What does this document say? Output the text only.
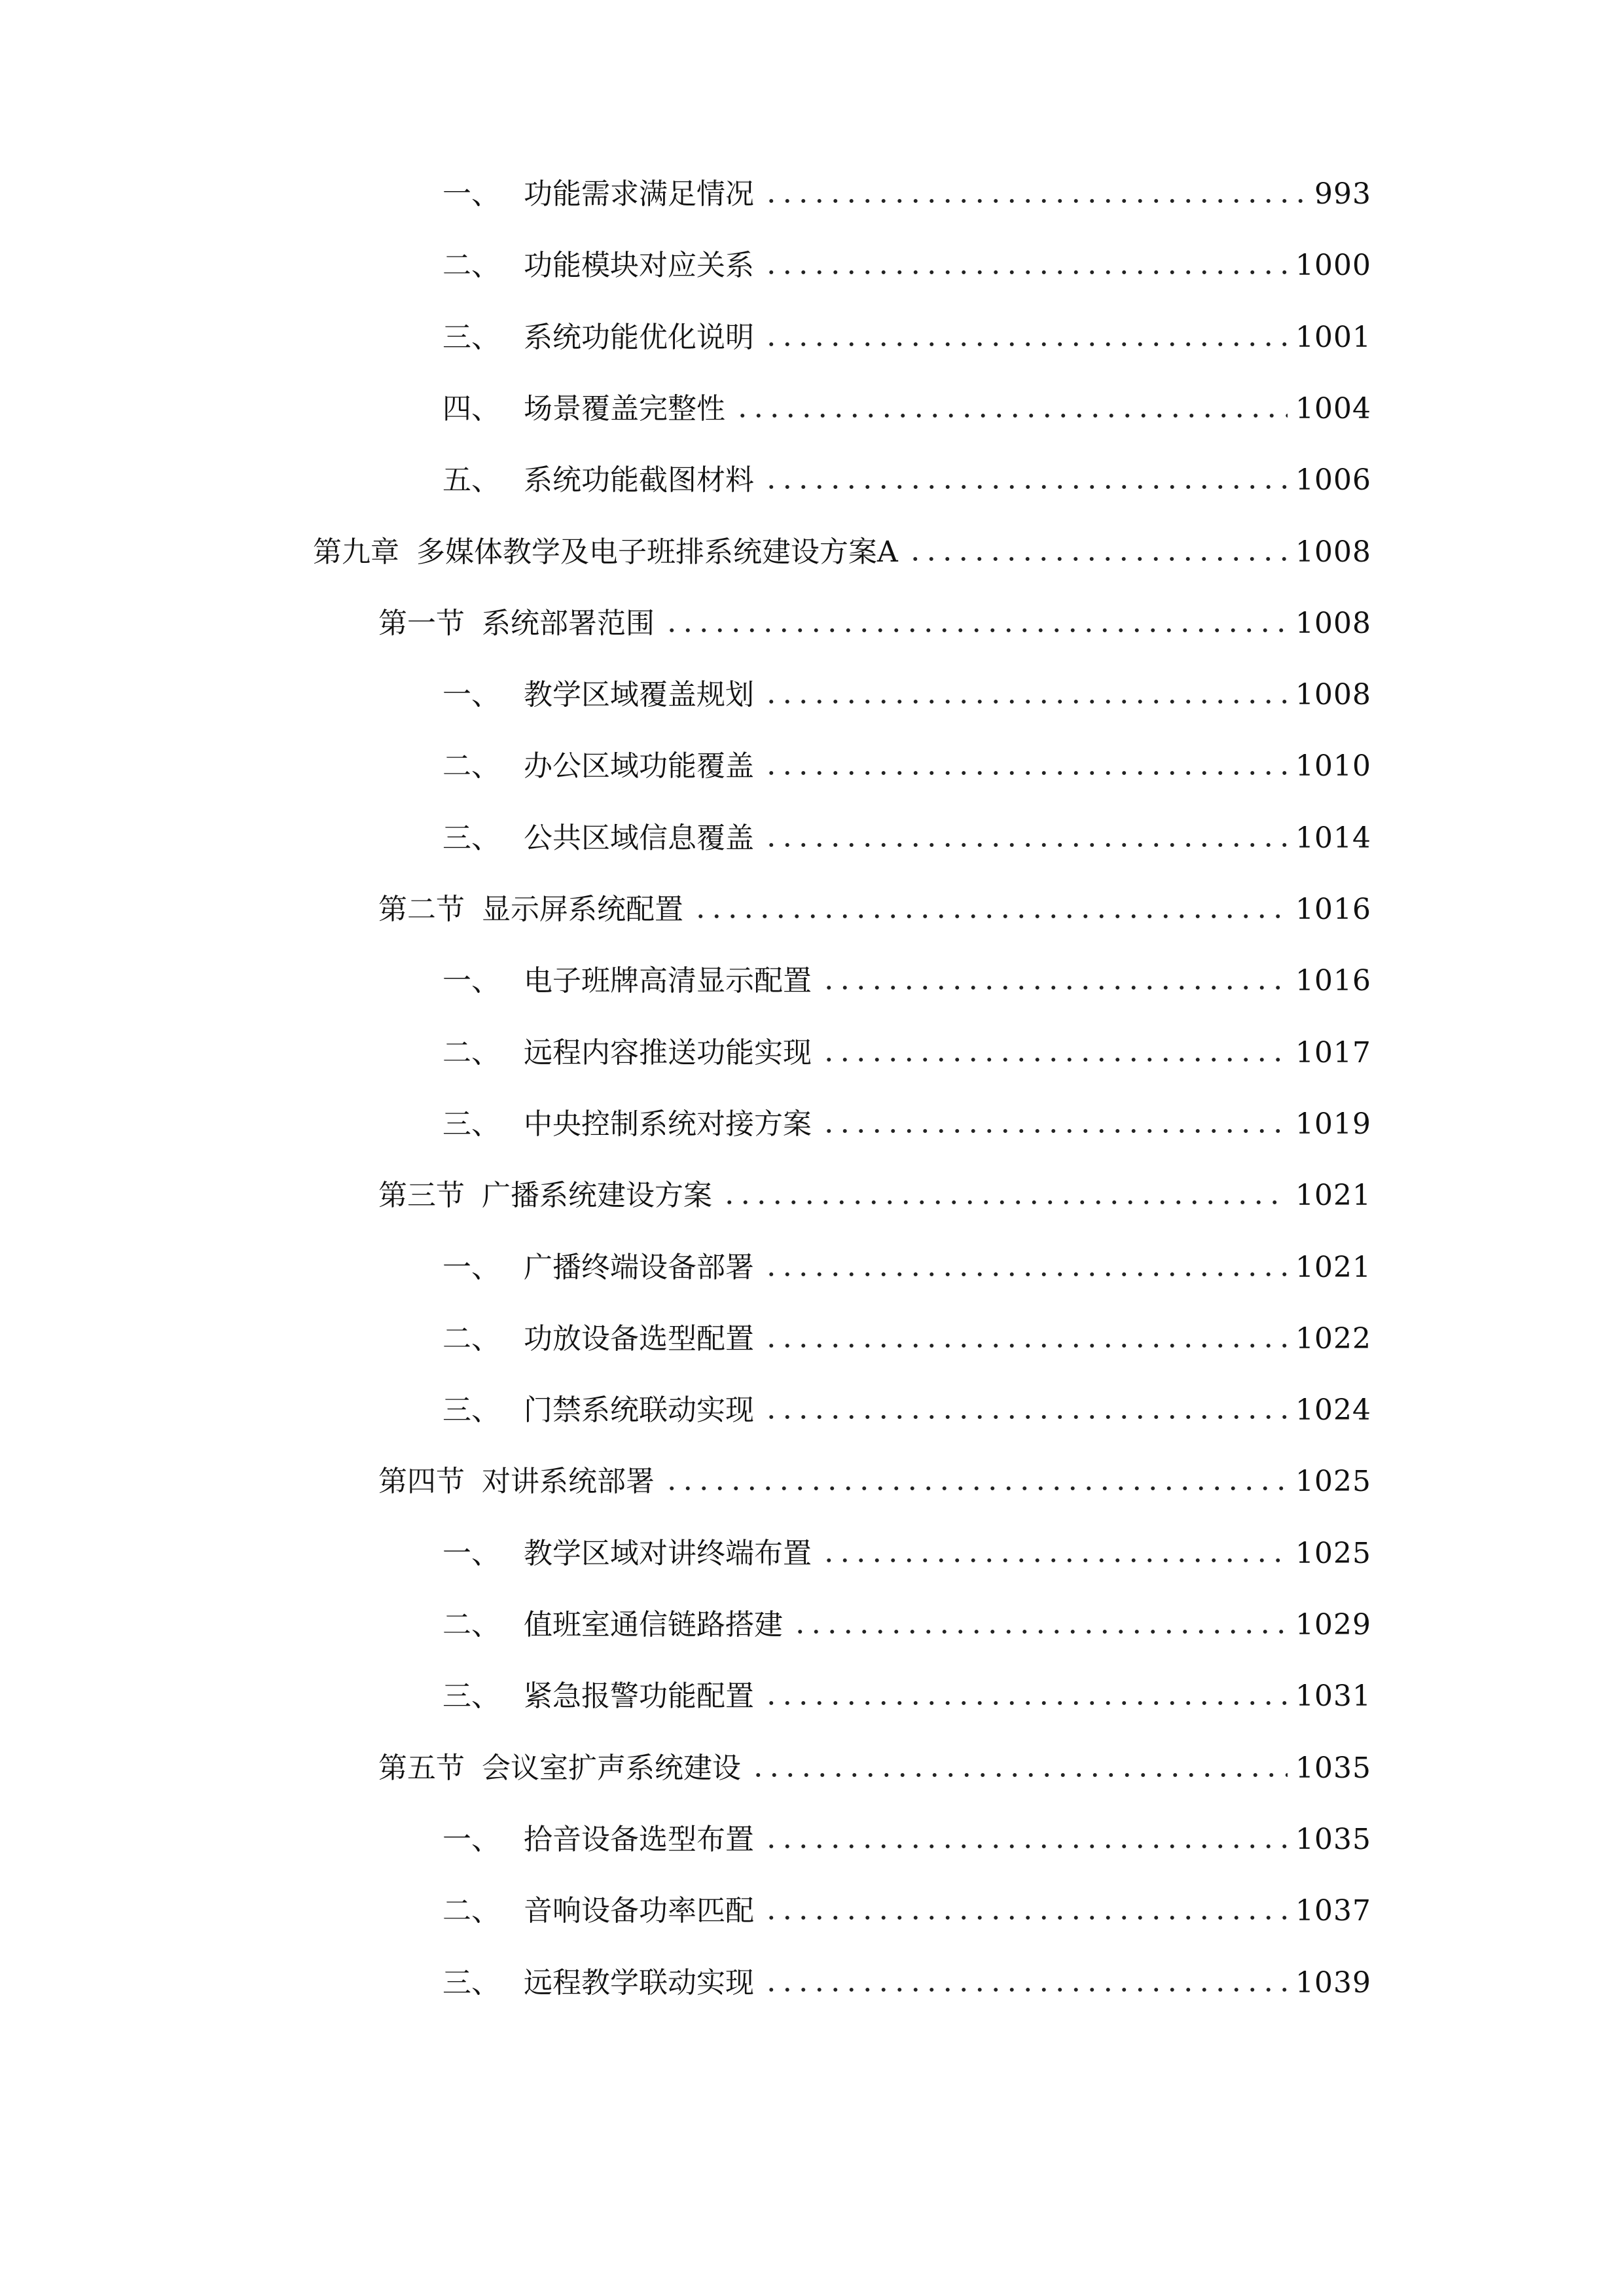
一、 功能需求满足情况	993
二、 功能模块对应关系	1000
三、 系统功能优化说明	1001
四、 场景覆盖完整性	1004
五、 系统功能截图材料	1006
第九章 多媒体教学及电子班排系统建设方案A	1008
第一节 系统部署范围	1008
一、 教学区域覆盖规划	1008
二、 办公区域功能覆盖	1010
三、 公共区域信息覆盖	1014
第二节 显示屏系统配置	1016
一、 电子班牌高清显示配置	1016
二、 远程内容推送功能实现	1017
三、 中央控制系统对接方案	1019
第三节 广播系统建设方案	1021
一、 广播终端设备部署	1021
二、 功放设备选型配置	1022
三、 门禁系统联动实现	1024
第四节 对讲系统部署	1025
一、 教学区域对讲终端布置	1025
二、 值班室通信链路搭建	1029
三、 紧急报警功能配置	1031
第五节 会议室扩声系统建设	1035
一、 拾音设备选型布置	1035
二、 音响设备功率匹配	1037
三、 远程教学联动实现	1039
